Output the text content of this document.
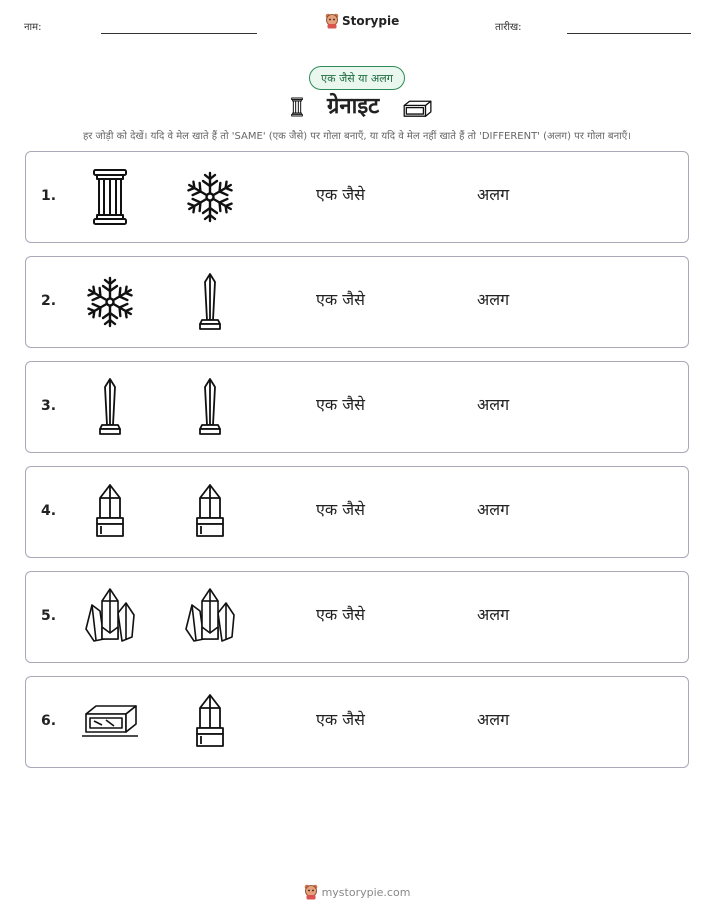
नाम:	Storypie	तारीख:
एक जैसे या अलग
ग्रेनाइट
हर जोड़ी को देखें। यदि वे मेल खाते हैं तो 'SAME' (एक जैसे) पर गोला बनाएँ, या यदि वे मेल नहीं खाते हैं तो 'DIFFERENT' (अलग) पर गोला बनाएँ।
1.	एक जैसे	अलग
2.	एक जैसे	अलग
3.	एक जैसे	अलग
4.	एक जैसे	अलग
5.	एक जैसे	अलग
6.	एक जैसे	अलग
mystorypie.com
